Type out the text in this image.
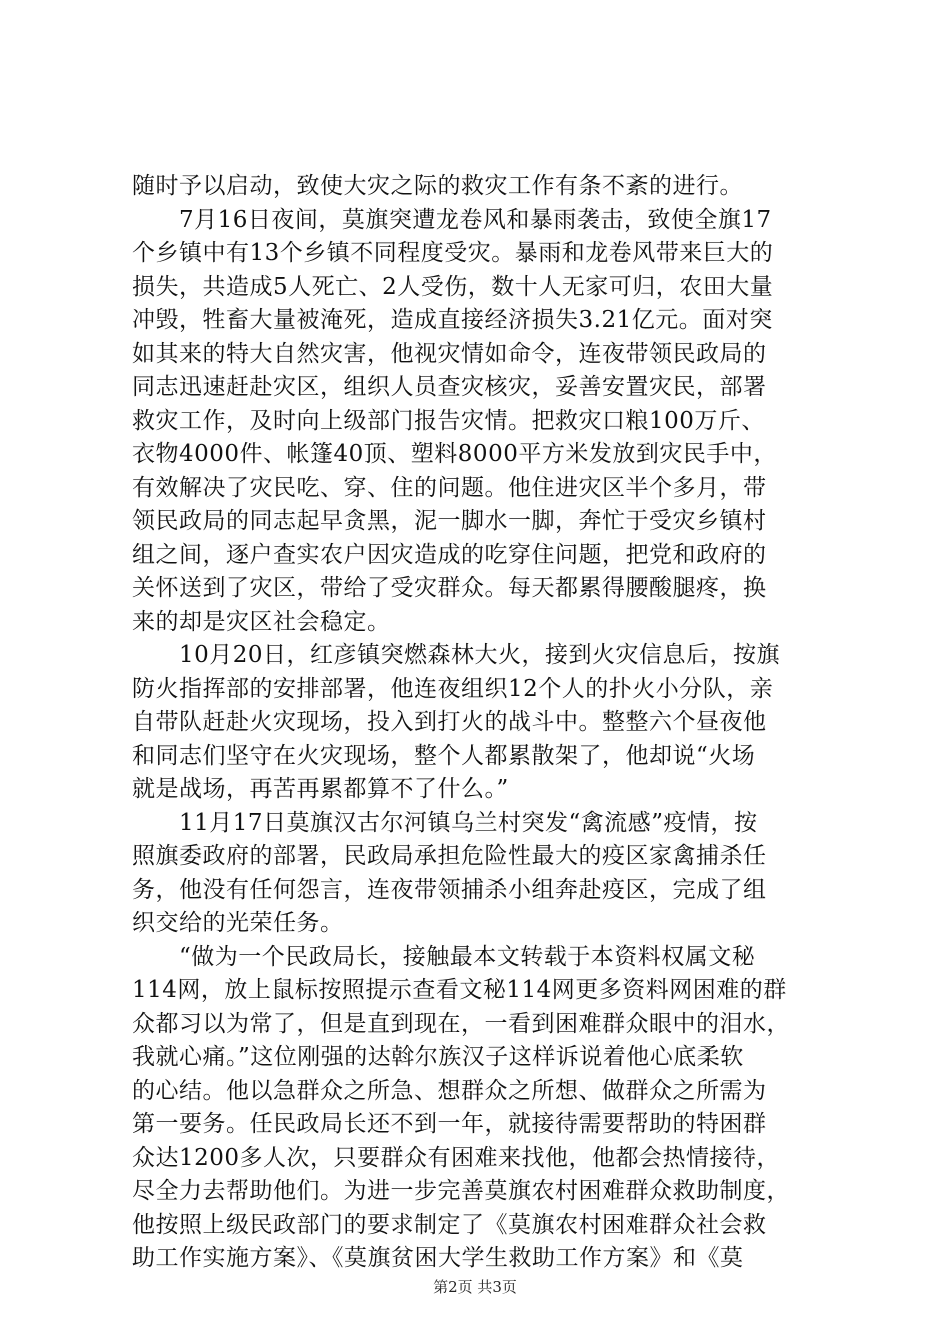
随时予以启动，致使大灾之际的救灾工作有条不紊的进行。
　　7月16日夜间，莫旗突遭龙卷风和暴雨袭击，致使全旗17
个乡镇中有13个乡镇不同程度受灾。暴雨和龙卷风带来巨大的
损失，共造成5人死亡、2人受伤，数十人无家可归，农田大量
冲毁，牲畜大量被淹死，造成直接经济损失3.21亿元。面对突
如其来的特大自然灾害，他视灾情如命令，连夜带领民政局的
同志迅速赶赴灾区，组织人员查灾核灾，妥善安置灾民，部署
救灾工作，及时向上级部门报告灾情。把救灾口粮100万斤、
衣物4000件、帐篷40顶、塑料8000平方米发放到灾民手中，
有效解决了灾民吃、穿、住的问题。他住进灾区半个多月，带
领民政局的同志起早贪黑，泥一脚水一脚，奔忙于受灾乡镇村
组之间，逐户查实农户因灾造成的吃穿住问题，把党和政府的
关怀送到了灾区，带给了受灾群众。每天都累得腰酸腿疼，换
来的却是灾区社会稳定。
　　10月20日，红彦镇突燃森林大火，接到火灾信息后，按旗
防火指挥部的安排部署，他连夜组织12个人的扑火小分队，亲
自带队赶赴火灾现场，投入到打火的战斗中。整整六个昼夜他
和同志们坚守在火灾现场，整个人都累散架了，他却说“火场
就是战场，再苦再累都算不了什么。”
　　11月17日莫旗汉古尔河镇乌兰村突发“禽流感”疫情，按
照旗委政府的部署，民政局承担危险性最大的疫区家禽捕杀任
务，他没有任何怨言，连夜带领捕杀小组奔赴疫区，完成了组
织交给的光荣任务。
　　“做为一个民政局长，接触最本文转载于本资料权属文秘
114网，放上鼠标按照提示查看文秘114网更多资料网困难的群
众都习以为常了，但是直到现在，一看到困难群众眼中的泪水，
我就心痛。”这位刚强的达斡尔族汉子这样诉说着他心底柔软
的心结。他以急群众之所急、想群众之所想、做群众之所需为
第一要务。任民政局长还不到一年，就接待需要帮助的特困群
众达1200多人次，只要群众有困难来找他，他都会热情接待，
尽全力去帮助他们。为进一步完善莫旗农村困难群众救助制度，
他按照上级民政部门的要求制定了《莫旗农村困难群众社会救
助工作实施方案》、《莫旗贫困大学生救助工作方案》和《莫
第2页 共3页
